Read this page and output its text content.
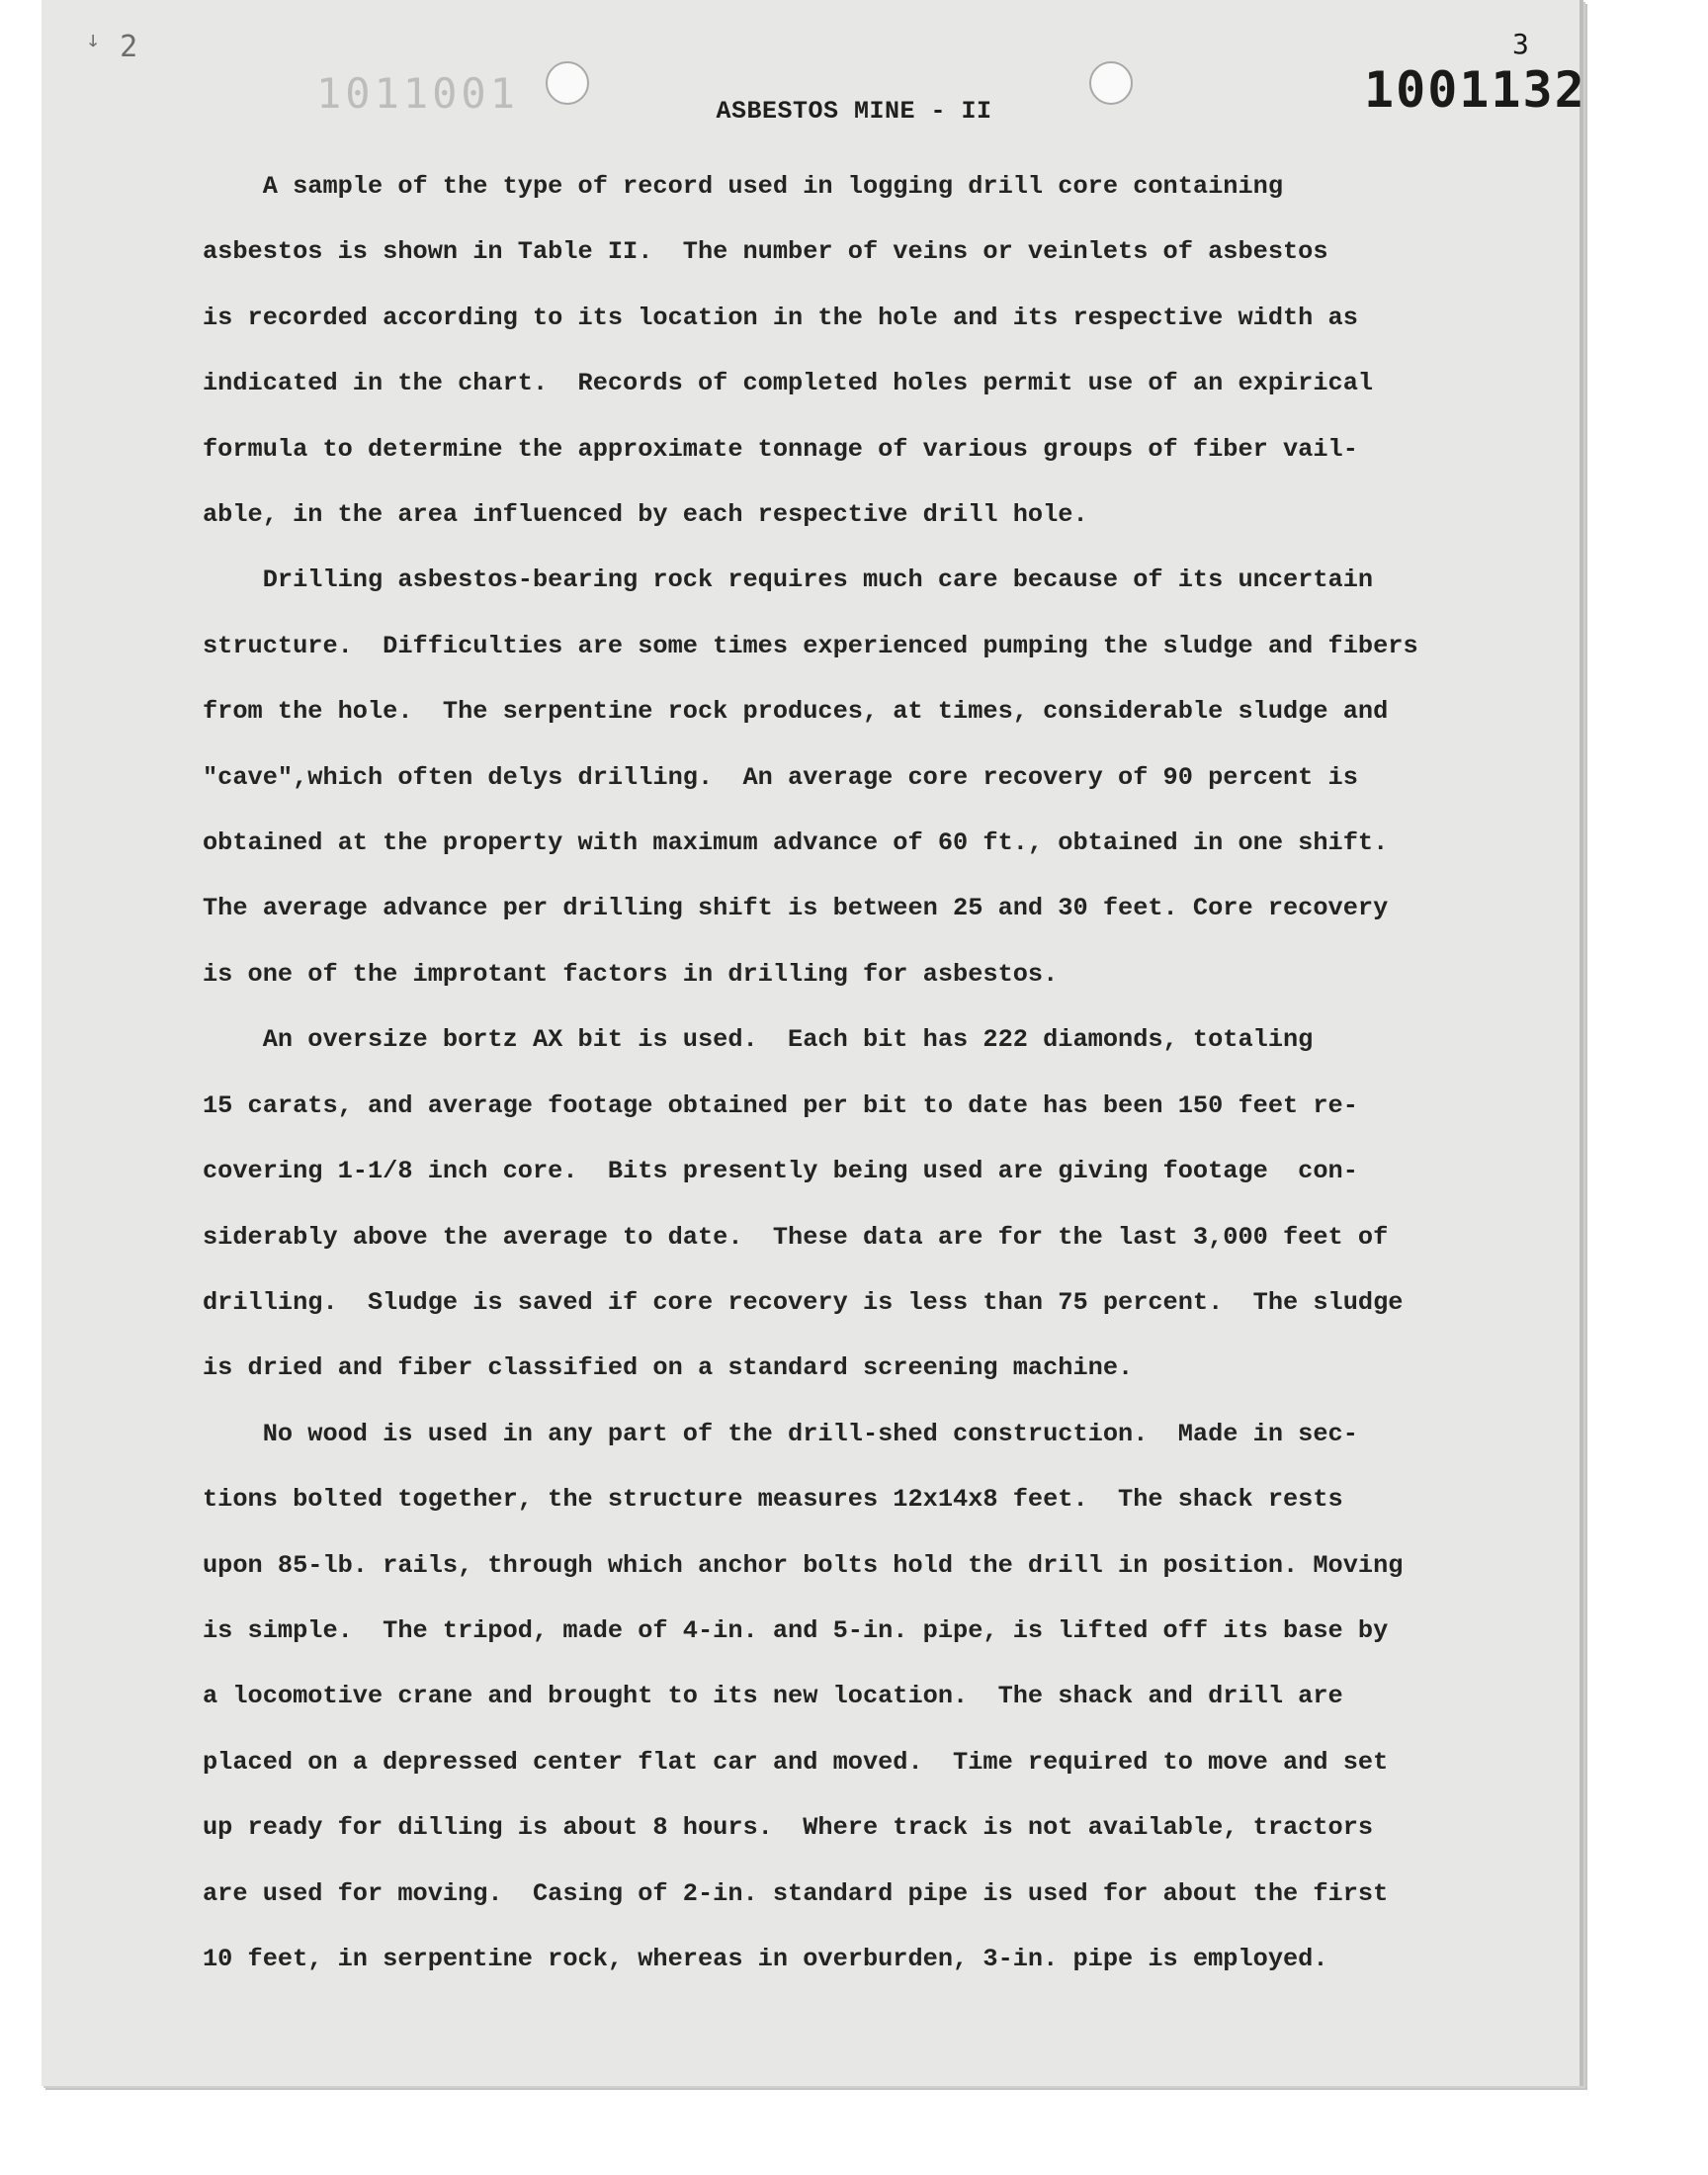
ꜜ 2
1011001
3
1001132
ASBESTOS MINE - II

A sample of the type of record used in logging drill core containing

asbestos is shown in Table II.  The number of veins or veinlets of asbestos

is recorded according to its location in the hole and its respective width as

indicated in the chart.  Records of completed holes permit use of an expirical

formula to determine the approximate tonnage of various groups of fiber vail-

able, in the area influenced by each respective drill hole.

Drilling asbestos-bearing rock requires much care because of its uncertain

structure.  Difficulties are some times experienced pumping the sludge and fibers

from the hole.  The serpentine rock produces, at times, considerable sludge and

"cave",which often delys drilling.  An average core recovery of 90 percent is

obtained at the property with maximum advance of 60 ft., obtained in one shift.

The average advance per drilling shift is between 25 and 30 feet. Core recovery

is one of the improtant factors in drilling for asbestos.

An oversize bortz AX bit is used.  Each bit has 222 diamonds, totaling

15 carats, and average footage obtained per bit to date has been 150 feet re-

covering 1-1/8 inch core.  Bits presently being used are giving footage  con-

siderably above the average to date.  These data are for the last 3,000 feet of

drilling.  Sludge is saved if core recovery is less than 75 percent.  The sludge

is dried and fiber classified on a standard screening machine.

No wood is used in any part of the drill-shed construction.  Made in sec-

tions bolted together, the structure measures 12x14x8 feet.  The shack rests

upon 85-lb. rails, through which anchor bolts hold the drill in position. Moving

is simple.  The tripod, made of 4-in. and 5-in. pipe, is lifted off its base by

a locomotive crane and brought to its new location.  The shack and drill are

placed on a depressed center flat car and moved.  Time required to move and set

up ready for dilling is about 8 hours.  Where track is not available, tractors

are used for moving.  Casing of 2-in. standard pipe is used for about the first

10 feet, in serpentine rock, whereas in overburden, 3-in. pipe is employed.
